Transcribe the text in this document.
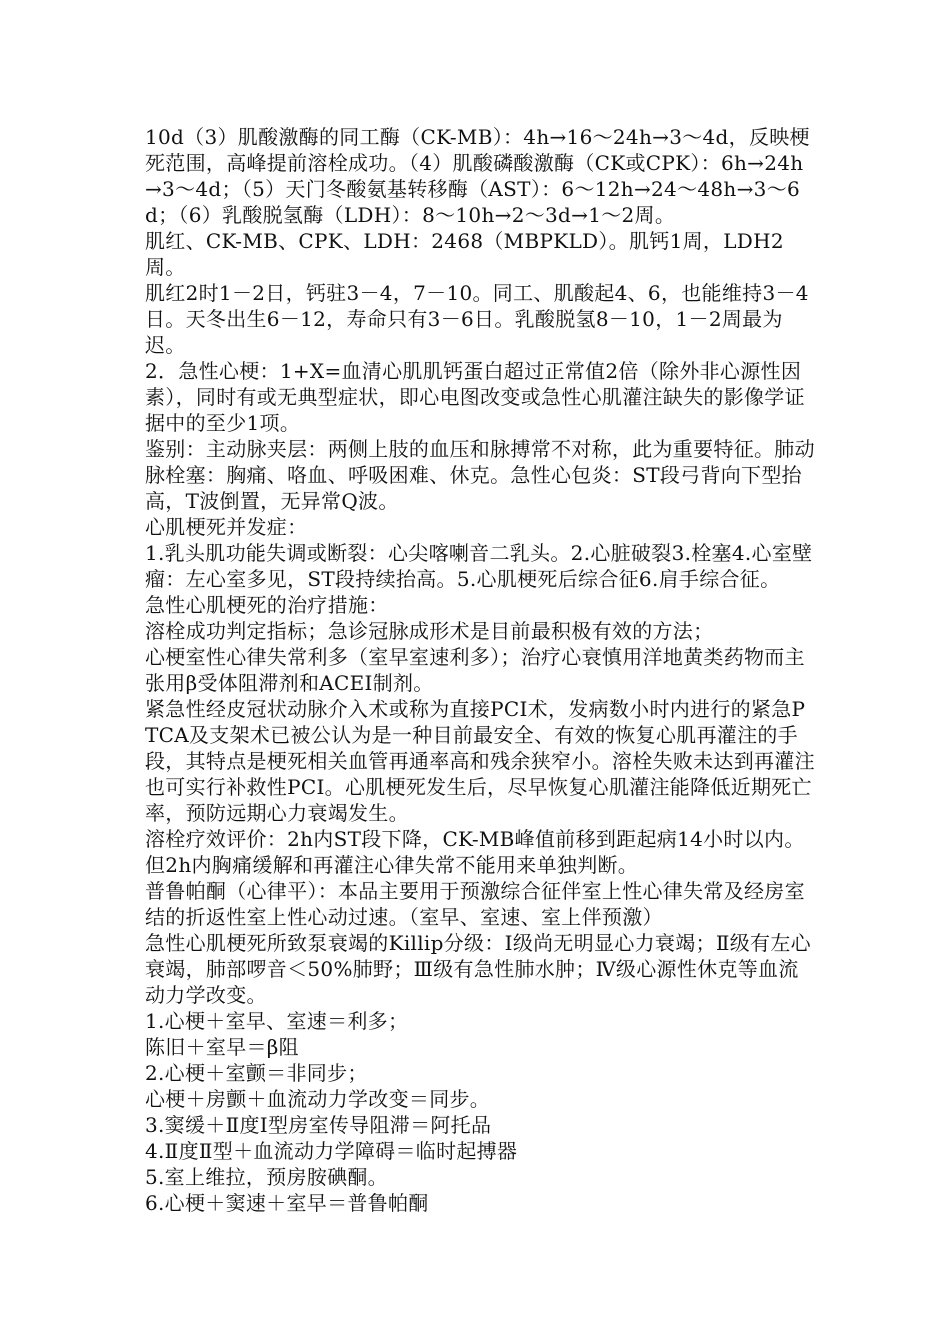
10d（3）肌酸激酶的同工酶（CK-MB）：4h→16～24h→3～4d，反映梗死范围，高峰提前溶栓成功。（4）肌酸磷酸激酶（CK或CPK）：6h→24h→3～4d；（5）天门冬酸氨基转移酶（AST）：6～12h→24～48h→3～6d；（6）乳酸脱氢酶（LDH）：8～10h→2～3d→1～2周。

肌红、CK-MB、CPK、LDH：2468（MBPKLD）。肌钙1周，LDH2周。

肌红2时1－2日，钙驻3－4，7－10。同工、肌酸起4、6，也能维持3－4日。天冬出生6－12，寿命只有3－6日。乳酸脱氢8－10，1－2周最为迟。

2．急性心梗：1+X=血清心肌肌钙蛋白超过正常值2倍（除外非心源性因素），同时有或无典型症状，即心电图改变或急性心肌灌注缺失的影像学证据中的至少1项。

鉴别：主动脉夹层：两侧上肢的血压和脉搏常不对称，此为重要特征。肺动脉栓塞：胸痛、咯血、呼吸困难、休克。急性心包炎：ST段弓背向下型抬高，T波倒置，无异常Q波。

心肌梗死并发症：

1.乳头肌功能失调或断裂：心尖喀喇音二乳头。2.心脏破裂3.栓塞4.心室壁瘤：左心室多见，ST段持续抬高。5.心肌梗死后综合征6.肩手综合征。

急性心肌梗死的治疗措施：

溶栓成功判定指标；急诊冠脉成形术是目前最积极有效的方法；

心梗室性心律失常利多（室早室速利多）；治疗心衰慎用洋地黄类药物而主张用β受体阻滞剂和ACEI制剂。

紧急性经皮冠状动脉介入术或称为直接PCI术，发病数小时内进行的紧急PTCA及支架术已被公认为是一种目前最安全、有效的恢复心肌再灌注的手段，其特点是梗死相关血管再通率高和残余狭窄小。溶栓失败未达到再灌注也可实行补救性PCI。心肌梗死发生后，尽早恢复心肌灌注能降低近期死亡率，预防远期心力衰竭发生。

溶栓疗效评价：2h内ST段下降，CK-MB峰值前移到距起病14小时以内。但2h内胸痛缓解和再灌注心律失常不能用来单独判断。

普鲁帕酮（心律平）：本品主要用于预激综合征伴室上性心律失常及经房室结的折返性室上性心动过速。（室早、室速、室上伴预激）

急性心肌梗死所致泵衰竭的Killip分级：Ⅰ级尚无明显心力衰竭；Ⅱ级有左心衰竭，肺部啰音＜50%肺野；Ⅲ级有急性肺水肿；Ⅳ级心源性休克等血流动力学改变。

1.心梗＋室早、室速＝利多；

陈旧＋室早＝β阻

2.心梗＋室颤＝非同步；

心梗＋房颤＋血流动力学改变＝同步。

3.窦缓＋Ⅱ度Ⅰ型房室传导阻滞＝阿托品

4.Ⅱ度Ⅱ型＋血流动力学障碍＝临时起搏器

5.室上维拉，预房胺碘酮。

6.心梗＋窦速＋室早＝普鲁帕酮
